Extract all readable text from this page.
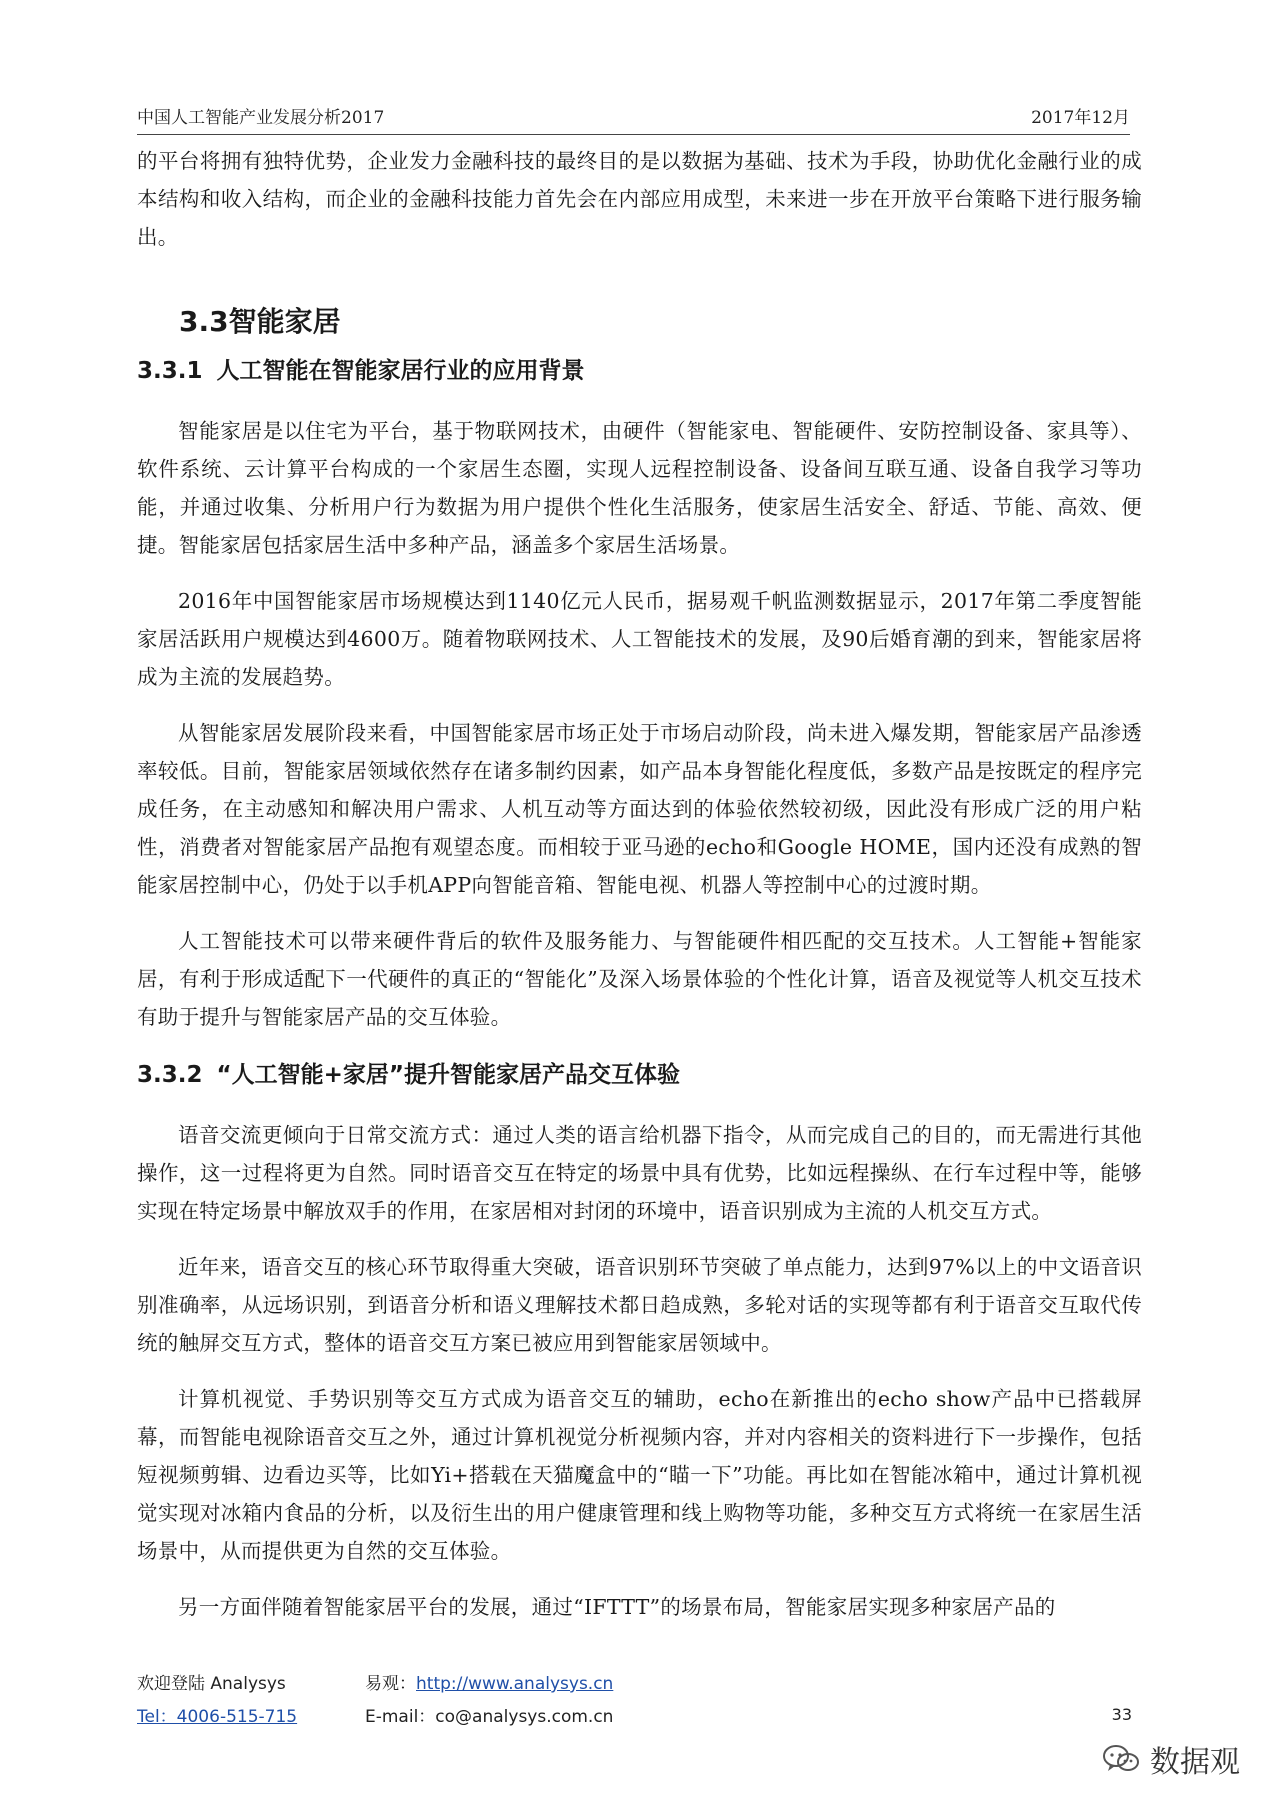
中国人工智能产业发展分析2017	2017年12月

的平台将拥有独特优势，企业发力金融科技的最终目的是以数据为基础、技术为手段，协助优化金融行业的成本结构和收入结构，而企业的金融科技能力首先会在内部应用成型，未来进一步在开放平台策略下进行服务输出。

3.3智能家居
3.3.1 人工智能在智能家居行业的应用背景

智能家居是以住宅为平台，基于物联网技术，由硬件（智能家电、智能硬件、安防控制设备、家具等）、软件系统、云计算平台构成的一个家居生态圈，实现人远程控制设备、设备间互联互通、设备自我学习等功能，并通过收集、分析用户行为数据为用户提供个性化生活服务，使家居生活安全、舒适、节能、高效、便捷。智能家居包括家居生活中多种产品，涵盖多个家居生活场景。

2016年中国智能家居市场规模达到1140亿元人民币，据易观千帆监测数据显示，2017年第二季度智能家居活跃用户规模达到4600万。随着物联网技术、人工智能技术的发展，及90后婚育潮的到来，智能家居将成为主流的发展趋势。

从智能家居发展阶段来看，中国智能家居市场正处于市场启动阶段，尚未进入爆发期，智能家居产品渗透率较低。目前，智能家居领域依然存在诸多制约因素，如产品本身智能化程度低，多数产品是按既定的程序完成任务，在主动感知和解决用户需求、人机互动等方面达到的体验依然较初级，因此没有形成广泛的用户粘性，消费者对智能家居产品抱有观望态度。而相较于亚马逊的echo和Google HOME，国内还没有成熟的智能家居控制中心，仍处于以手机APP向智能音箱、智能电视、机器人等控制中心的过渡时期。

人工智能技术可以带来硬件背后的软件及服务能力、与智能硬件相匹配的交互技术。人工智能+智能家居，有利于形成适配下一代硬件的真正的“智能化”及深入场景体验的个性化计算，语音及视觉等人机交互技术有助于提升与智能家居产品的交互体验。

3.3.2 “人工智能+家居”提升智能家居产品交互体验

语音交流更倾向于日常交流方式：通过人类的语言给机器下指令，从而完成自己的目的，而无需进行其他操作，这一过程将更为自然。同时语音交互在特定的场景中具有优势，比如远程操纵、在行车过程中等，能够实现在特定场景中解放双手的作用，在家居相对封闭的环境中，语音识别成为主流的人机交互方式。

近年来，语音交互的核心环节取得重大突破，语音识别环节突破了单点能力，达到97%以上的中文语音识别准确率，从远场识别，到语音分析和语义理解技术都日趋成熟，多轮对话的实现等都有利于语音交互取代传统的触屏交互方式，整体的语音交互方案已被应用到智能家居领域中。

计算机视觉、手势识别等交互方式成为语音交互的辅助，echo在新推出的echo show产品中已搭载屏幕，而智能电视除语音交互之外，通过计算机视觉分析视频内容，并对内容相关的资料进行下一步操作，包括短视频剪辑、边看边买等，比如Yi+搭载在天猫魔盒中的“瞄一下”功能。再比如在智能冰箱中，通过计算机视觉实现对冰箱内食品的分析，以及衍生出的用户健康管理和线上购物等功能，多种交互方式将统一在家居生活场景中，从而提供更为自然的交互体验。

另一方面伴随着智能家居平台的发展，通过“IFTTT”的场景布局，智能家居实现多种家居产品的

欢迎登陆 Analysys	易观：http://www.analysys.cn
Tel：4006-515-715	E-mail：co@analysys.com.cn	33
数据观
